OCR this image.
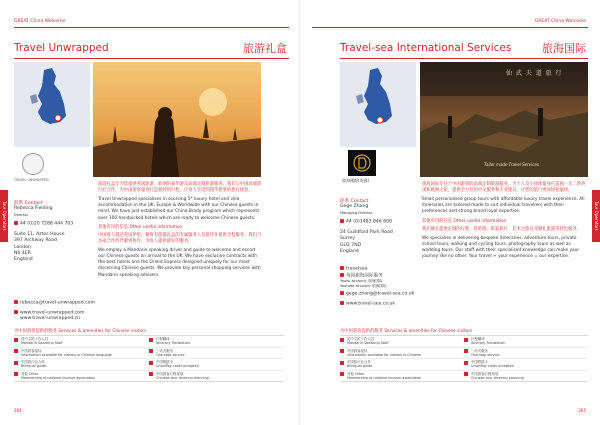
GREAT China Welcome
Travel Unwrapped	旅游礼盒
TRAVEL UNWRAPPED
联系 Contact
Rebecca Fielding
Director
44 (0)20 7288 444 703
Suite 11, Aztec House
397 Archway Road
London
N6 4ER
England
旅游礼盒专为您提供英国旅游、欧洲的豪华游及高端定制旅游服务。我们与中国高端旅行社合作，为中国游客量身打造独特的行程，让客人享受到超乎想象的旅行体验。
Travel Unwrapped specialises in sourcing 5* luxury hotel and villa accommodation in the UK, Europe & Worldwide with our Chinese guests in mind. We have just established our China Brady program which represents over 100 handpicked hotels which are ready to welcome Chinese guests.
其他有用的信息 Other useful information
中国客人抵达英国伊始，便将有旅游礼盒的专属服务人员接待并提供全程服务。我们与多家合作伙伴紧密协作，为客人提供最好的服务。
We employ a Mandarin speaking driver and guide to welcome and escort our Chinese guests on arrival to the UK. We have exclusive contracts with the best hotels and the Orient Express designed uniquely for our most discerning Chinese guests. We provide key personal shopping services with Mandarin speaking advisers.
rebecca@travel-unwrapped.com
www.travel-unwrapped.com
www.travel-unwrapped.cn
为中国游客提供的服务 Services & amenities for Chinese visitors
说中文的工作人员
Mandarin Speaking Staff
行程翻译
Itinerary Translation
中国游客接待
Information available for visitors in Chinese language
一站式服务
One stop service
中国旅行社合作
Bilingual guide
中国银联卡
UnionPay cards accepted
其他 Other
Membership of national tourism association
中国游客行程规划
Chinese tour itinerary planning
Tour Operators
264
GREAT China Welcome
Travel-sea International Services	旅海国际
仙 武 夫 道 旅 行
Tailor made Travel Services
旅海國際(英國)
联系 Contact
Gege Zhang
Managing Director
44 (0)1483 846 600
24 Guildford Park Road
Surrey
GU2 7ND
England
travelsea
英国旅海国际服务
Youku account: 旅海国际
Youtube account: 旅海国际
gege.zhang@travel-sea.co.uk
www.travel-sea.co.uk
旅海国际专注于中国游客的高端定制旅游服务，为个人及小团体量身打造独一无二的英国和欧洲之旅，提供全方位的中文服务和专业建议，让您的旅行更加轻松愉快。
Small personalised group tours with affordable luxury travel experience. All itineraries are tailored-made to suit individual travellers with their preferences and strong brand loyal expertise.
其他有用的信息 Other useful information
我们擅长提供定制的行程、冒险游、私家旅行、艺术之旅以及婚礼旅游等特色服务。
We specialise in delivering bespoke itineraries, adventure tours, private school tours, walking and cycling tours, photography tours as well as wedding tours. Our staff with their specialised knowledge can make your journey like no other. Your travel + your experience = our expertise.
为中国游客提供的服务 Services & amenities for Chinese visitors
说中文的工作人员
Mandarin Speaking Staff
行程翻译
Itinerary Translation
中国游客接待
Information available for visitors in Chinese
一站式服务
One stop service
中国旅行社合作
Bilingual guide
中国银联卡
UnionPay cards accepted
其他 Other
Membership of national tourism association
中国游客行程规划
Chinese tour itinerary planning
Tour Operators
265
